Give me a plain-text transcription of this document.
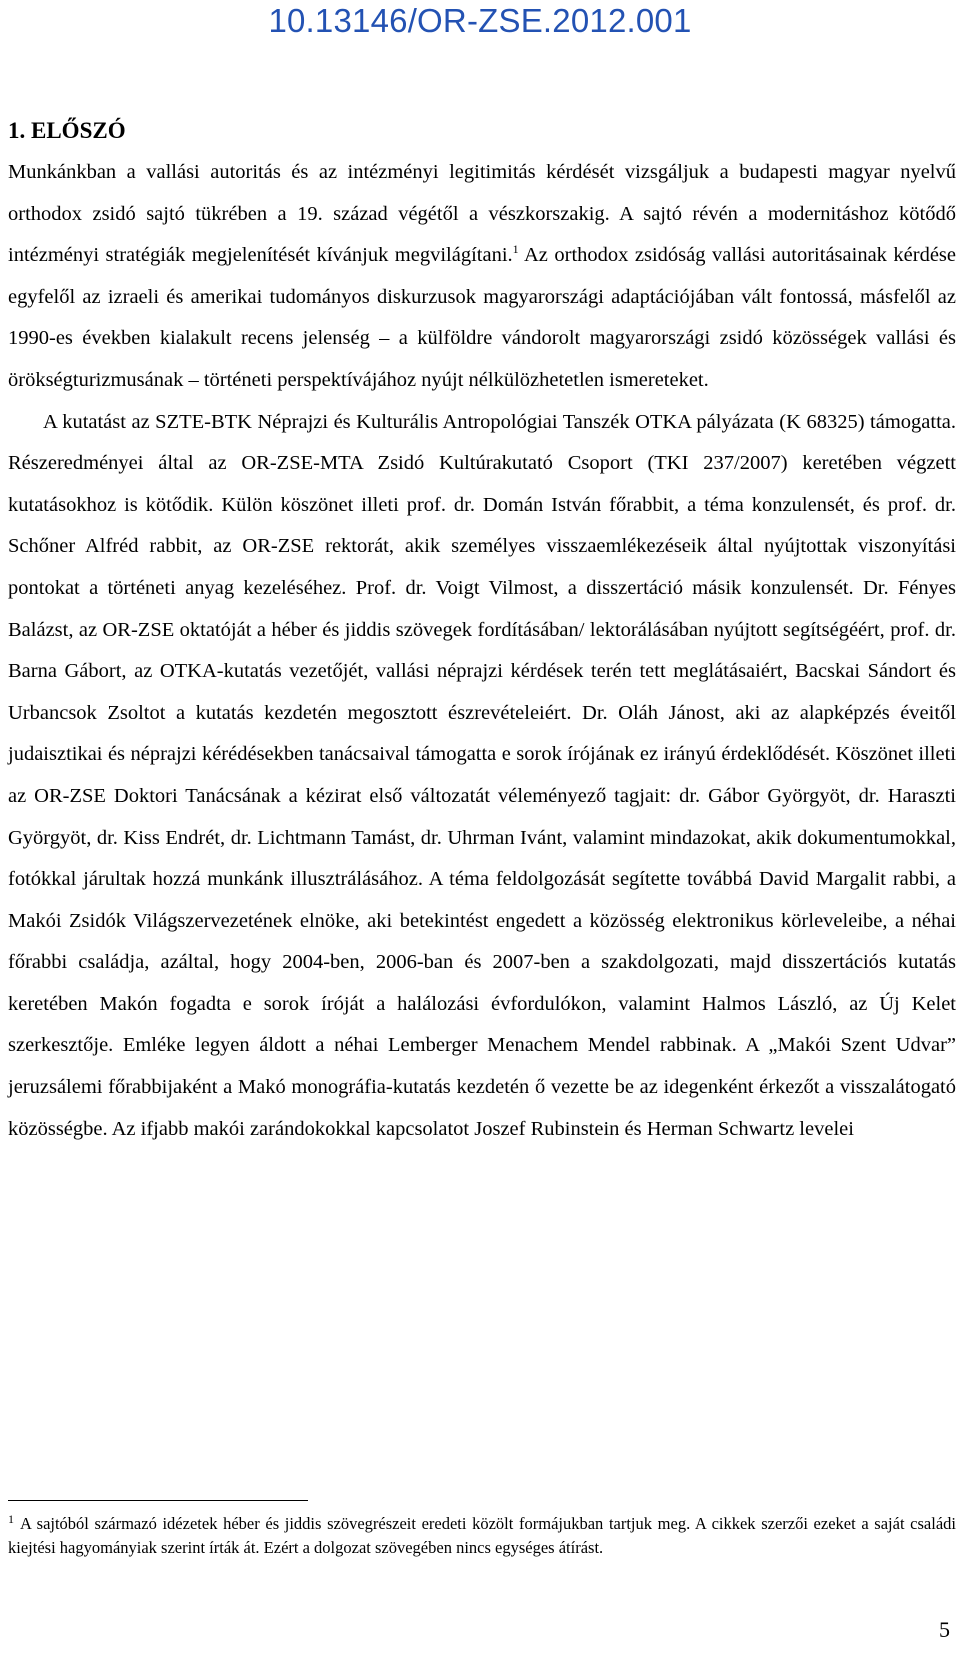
10.13146/OR-ZSE.2012.001
1. ELŐSZÓ

Munkánkban a vallási autoritás és az intézményi legitimitás kérdését vizsgáljuk a budapesti magyar nyelvű orthodox zsidó sajtó tükrében a 19. század végétől a vészkorszakig. A sajtó révén a modernitáshoz kötődő intézményi stratégiák megjelenítését kívánjuk megvilágítani.$^1$ Az orthodox zsidóság vallási autoritásainak kérdése egyfelől az izraeli és amerikai tudományos diskurzusok magyarországi adaptációjában vált fontossá, másfelől az 1990-es években kialakult recens jelenség – a külföldre vándorolt magyarországi zsidó közösségek vallási és örökségturizmusának – történeti perspektívájához nyújt nélkülözhetetlen ismereteket.

A kutatást az SZTE-BTK Néprajzi és Kulturális Antropológiai Tanszék OTKA pályázata (K 68325) támogatta. Részeredményei által az OR-ZSE-MTA Zsidó Kultúrakutató Csoport (TKI 237/2007) keretében végzett kutatásokhoz is kötődik. Külön köszönet illeti prof. dr. Domán István főrabbit, a téma konzulensét, és prof. dr. Schőner Alfréd rabbit, az OR-ZSE rektorát, akik személyes visszaemlékezéseik által nyújtottak viszonyítási pontokat a történeti anyag kezeléséhez. Prof. dr. Voigt Vilmost, a disszertáció másik konzulensét. Dr. Fényes Balázst, az OR-ZSE oktatóját a héber és jiddis szövegek fordításában/ lektorálásában nyújtott segítségéért, prof. dr. Barna Gábort, az OTKA-kutatás vezetőjét, vallási néprajzi kérdések terén tett meglátásaiért, Bacskai Sándort és Urbancsok Zsoltot a kutatás kezdetén megosztott észrevételeiért. Dr. Oláh Jánost, aki az alapképzés éveitől judaisztikai és néprajzi kérédésekben tanácsaival támogatta e sorok írójának ez irányú érdeklődését. Köszönet illeti az OR-ZSE Doktori Tanácsának a kézirat első változatát véleményező tagjait: dr. Gábor Györgyöt, dr. Haraszti Györgyöt, dr. Kiss Endrét, dr. Lichtmann Tamást, dr. Uhrman Ivánt, valamint mindazokat, akik dokumentumokkal, fotókkal járultak hozzá munkánk illusztrálásához. A téma feldolgozását segítette továbbá David Margalit rabbi, a Makói Zsidók Világszervezetének elnöke, aki betekintést engedett a közösség elektronikus körleveleibe, a néhai főrabbi családja, azáltal, hogy 2004-ben, 2006-ban és 2007-ben a szakdolgozati, majd disszertációs kutatás keretében Makón fogadta e sorok íróját a halálozási évfordulókon, valamint Halmos László, az Új Kelet szerkesztője. Emléke legyen áldott a néhai Lemberger Menachem Mendel rabbinak. A „Makói Szent Udvar” jeruzsálemi főrabbijaként a Makó monográfia-kutatás kezdetén ő vezette be az idegenként érkezőt a visszalátogató közösségbe. Az ifjabb makói zarándokokkal kapcsolatot Joszef Rubinstein és Herman Schwartz levelei

$^1$ A sajtóból származó idézetek héber és jiddis szövegrészeit eredeti közölt formájukban tartjuk meg. A cikkek szerzői ezeket a saját családi kiejtési hagyományiak szerint írták át. Ezért a dolgozat szövegében nincs egységes átírást.
5
